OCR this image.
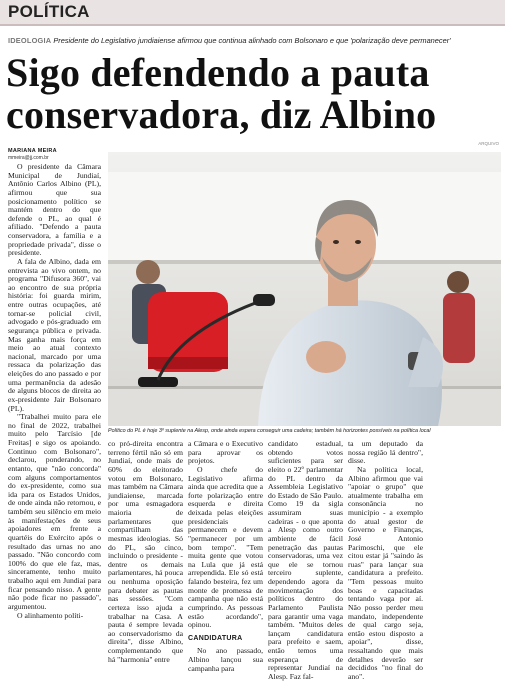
POLÍTICA
IDEOLOGIA Presidente do Legislativo jundiaiense afirmou que continua alinhado com Bolsonaro e que 'polarização deve permanecer'
Sigo defendendo a pauta
conservadora, diz Albino
MARIANA MEIRA
mmeira@jj.com.br
ARQUIVO
Político do PL é hoje 3º suplente na Alesp, onde ainda espera conseguir uma cadeira; também há horizontes possíveis na política local

O presidente da Câmara Municipal de Jundiaí, Antônio Carlos Albino (PL), afirmou que sua posicionamento político se mantém dentro do que defende o PL, ao qual é afiliado. "Defendo a pauta conservadora, a família e a propriedade privada", disse o presidente.

A fala de Albino, dada em entrevista ao vivo ontem, no programa "Difusora 360", vai ao encontro de sua própria história: foi guarda mirim, entre outras ocupações, até tornar-se policial civil, advogado e pós-graduado em segurança pública e privada. Mas ganha mais força em meio ao atual contexto nacional, marcado por uma ressaca da polarização das eleições do ano passado e por uma permanência da adesão de alguns blocos de direita ao ex-presidente Jair Bolsonaro (PL).

"Trabalhei muito para ele no final de 2022, trabalhei muito pelo Tarcísio [de Freitas] e sigo os apoiando. Continuo com Bolsonaro", declarou, ponderando, no entanto, que "não concorda" com alguns comportamentos do ex-presidente, como sua ida para os Estados Unidos, de onde ainda não retornou, e também seu silêncio em meio às manifestações de seus apoiadores em frente a quartéis do Exército após o resultado das urnas no ano passado. "Não concordo com 100% do que ele faz, mas, sinceramente, tenho muito trabalho aqui em Jundiaí para ficar pensando nisso. A gente não pode ficar no passado", argumentou.

O alinhamento políti-

co pró-direita encontra terreno fértil não só em Jundiaí, onde mais de 60% do eleitorado votou em Bolsonaro, mas também na Câmara jundiaiense, marcada por uma esmagadora maioria de parlamentares que compartilham das mesmas ideologias. Só do PL, são cinco, incluindo o presidente - dentre os demais parlamentares, há pouca ou nenhuma oposição para debater as pautas nas sessões. "Com certeza isso ajuda a trabalhar na Casa. A pauta é sempre levada ao conservadorismo da direita", disse Albino, complementando que há "harmonia" entre

a Câmara e o Executivo para aprovar os projetos.

O chefe do Legislativo afirma ainda que acredita que a forte polarização entre esquerda e direita deixada pelas eleições presidenciais permanecem e devem "permanecer por um bom tempo". "Tem muita gente que votou na Lula que já está arrependida. Ele só está falando besteira, fez um monte de promessa de campanha que não está cumprindo. As pessoas estão acordando", opinou.

CANDIDATURA

No ano passado, Albino lançou sua campanha para

candidato estadual, obtendo votos suficientes para ser eleito o 22º parlamentar do PL dentro da Assembleia Legislativo do Estado de São Paulo. Como 19 da sigla assumiram suas cadeiras - o que aponta a Alesp como outro ambiente de fácil penetração das pautas conservadoras, uma vez que ele se tornou terceiro suplente, dependendo agora da movimentação dos políticos dentro do Parlamento Paulista para garantir uma vaga também. "Muitos deles lançam candidatura para prefeito e saem, então temos uma esperança de representar Jundiaí na Alesp. Faz fal-

ta um deputado da nossa região lá dentro", disse.

Na política local, Albino afirmou que vai "apoiar o grupo" que atualmente trabalha em consonância no município - a exemplo do atual gestor de Governo e Finanças, José Antonio Parimoschi, que ele citou estar já "saindo às ruas" para lançar sua candidatura a prefeito. "Tem pessoas muito boas e capacitadas tentando vaga por aí. Não posso perder meu mandato, independente de qual cargo seja, então estou disposto a apoiar", disse, ressaltando que mais detalhes deverão ser decididos "no final do ano".
